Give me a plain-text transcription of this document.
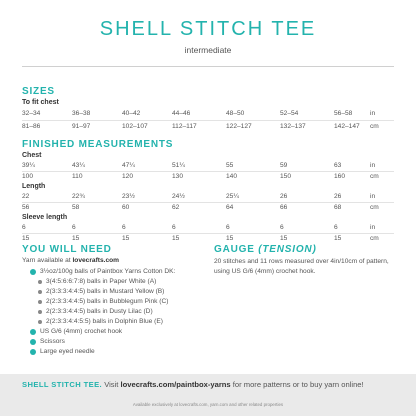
SHELL STITCH TEE
intermediate
SIZES
To fit chest
32–34	36–38	40–42	44–46	48–50	52–54	56–58	in
81–86	91–97	102–107	112–117	122–127	132–137	142–147 cm
FINISHED MEASUREMENTS
Chest
39¼	43¼	47¼	51¼	55	59	63	in
100	110	120	130	140	150	160	cm
Length
22	22¾	23½	24½	25¼	26	26	in
56	58	60	62	64	66	68	cm
Sleeve length
6	6	6	6	6	6	6	in
15	15	15	15	15	15	15	cm
YOU WILL NEED
Yarn available at lovecrafts.com
3½oz/100g balls of Paintbox Yarns Cotton DK:
3(4:5:6:6:7:8) balls in Paper White (A)
2(3:3:3:4:4:5) balls in Mustard Yellow (B)
2(2:3:3:4:4:5) balls in Bubblegum Pink (C)
2(2:3:3:4:4:5) balls in Dusty Lilac (D)
2(2:3:3:4:4:5:5) balls in Dolphin Blue (E)
US G/6 (4mm) crochet hook
Scissors
Large eyed needle
GAUGE (TENSION)
20 stitches and 11 rows measured over 4in/10cm of pattern, using US G/6 (4mm) crochet hook.
SHELL STITCH TEE. Visit lovecrafts.com/paintbox-yarns for more patterns or to buy yarn online!
Available exclusively at lovecrafts.com, yarn.com and other related properties
